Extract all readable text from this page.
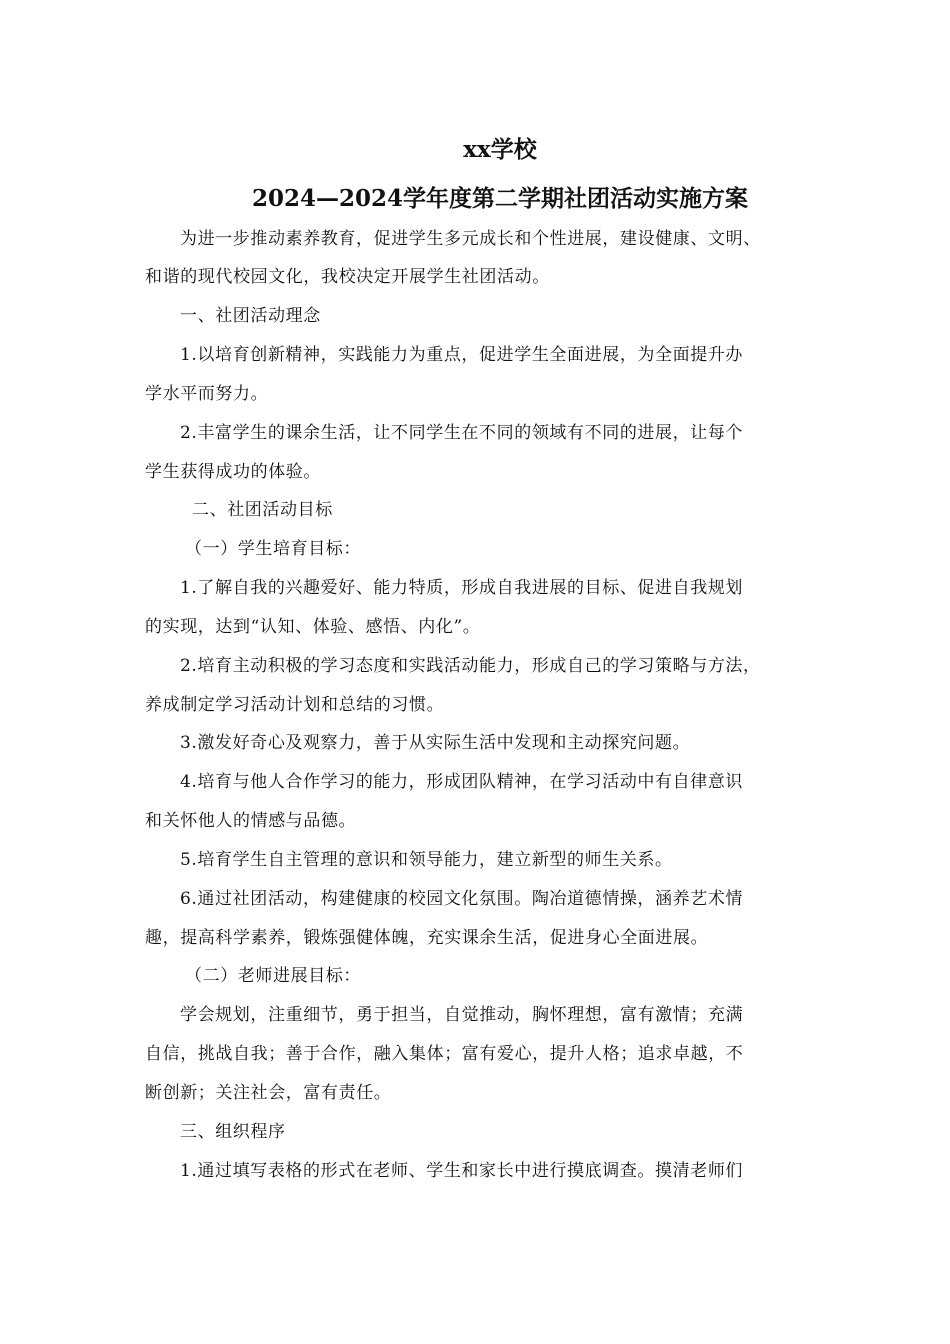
xx学校
2024—2024学年度第二学期社团活动实施方案

为进一步推动素养教育，促进学生多元成长和个性进展，建设健康、文明、

和谐的现代校园文化，我校决定开展学生社团活动。

一、社团活动理念

1.以培育创新精神，实践能力为重点，促进学生全面进展，为全面提升办

学水平而努力。

2.丰富学生的课余生活，让不同学生在不同的领域有不同的进展，让每个

学生获得成功的体验。

二、社团活动目标

（一）学生培育目标：

1.了解自我的兴趣爱好、能力特质，形成自我进展的目标、促进自我规划

的实现，达到“认知、体验、感悟、内化”。

2.培育主动积极的学习态度和实践活动能力，形成自己的学习策略与方法，

养成制定学习活动计划和总结的习惯。

3.激发好奇心及观察力，善于从实际生活中发现和主动探究问题。

4.培育与他人合作学习的能力，形成团队精神，在学习活动中有自律意识

和关怀他人的情感与品德。

5.培育学生自主管理的意识和领导能力，建立新型的师生关系。

6.通过社团活动，构建健康的校园文化氛围。陶冶道德情操，涵养艺术情

趣，提高科学素养，锻炼强健体魄，充实课余生活，促进身心全面进展。

（二）老师进展目标：

学会规划，注重细节，勇于担当，自觉推动，胸怀理想，富有激情；充满

自信，挑战自我；善于合作，融入集体；富有爱心，提升人格；追求卓越，不

断创新；关注社会，富有责任。

三、组织程序

1.通过填写表格的形式在老师、学生和家长中进行摸底调查。摸清老师们
